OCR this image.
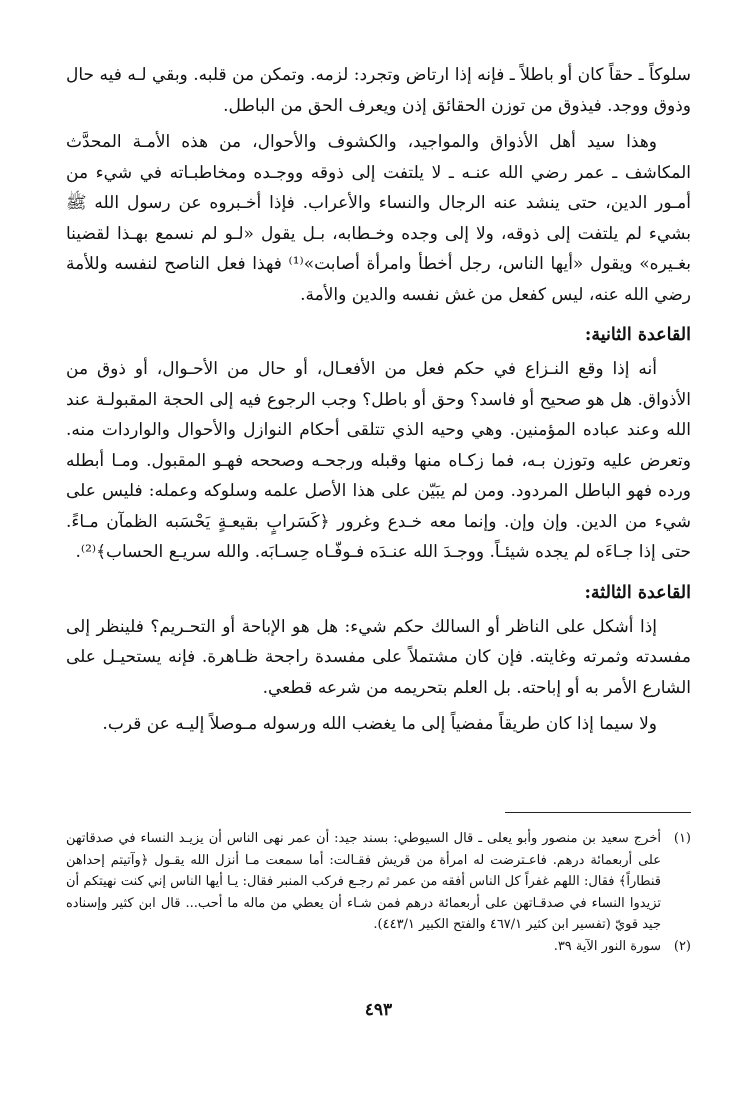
سلوكاً ـ حقاً كان أو باطلاً ـ فإنه إذا ارتاض وتجرد: لزمه. وتمكن من قلبه. وبقي لـه فيه حال وذوق ووجد. فيذوق من توزن الحقائق إذن ويعرف الحق من الباطل.

وهذا سيد أهل الأذواق والمواجيد، والكشوف والأحوال، من هذه الأمـة المحدَّث المكاشف ـ عمر رضي الله عنـه ـ لا يلتفت إلى ذوقه ووجـده ومخاطبـاته في شيء من أمـور الدين، حتى ينشد عنه الرجال والنساء والأعراب. فإذا أخـبروه عن رسول الله ﷺ بشيء لم يلتفت إلى ذوقه، ولا إلى وجده وخـطابه، بـل يقول «لـو لم نسمع بهـذا لقضينا بغـيره» ويقول «أيها الناس، رجل أخطأ وامرأة أصابت»⁽¹⁾ فهذا فعل الناصح لنفسه وللأمة رضي الله عنه، ليس كفعل من غش نفسه والدين والأمة.

القاعدة الثانية:

أنه إذا وقع النـزاع في حكم فعل من الأفعـال، أو حال من الأحـوال، أو ذوق من الأذواق. هل هو صحيح أو فاسد؟ وحق أو باطل؟ وجب الرجوع فيه إلى الحجة المقبولـة عند الله وعند عباده المؤمنين. وهي وحيه الذي تتلقى أحكام النوازل والأحوال والواردات منه. وتعرض عليه وتوزن بـه، فما زكـاه منها وقبله ورجحـه وصححه فهـو المقبول. ومـا أبطله ورده فهو الباطل المردود. ومن لم يبَيّن على هذا الأصل علمه وسلوكه وعمله: فليس على شيء من الدين. وإن وإن. وإنما معه خـدع وغرور ﴿كَسَرابٍ بقيعـةٍ يَحْسَبه الظمآن مـاءً. حتى إذا جـاءَه لم يجده شيئـاً. ووجـدَ الله عنـدَه فـوفّـاه حِسـابَه. والله سريـع الحساب﴾⁽²⁾.

القاعدة الثالثة:

إذا أشكل على الناظر أو السالك حكم شيء: هل هو الإباحة أو التحـريم؟ فلينظر إلى مفسدته وثمرته وغايته. فإن كان مشتملاً على مفسدة راجحة ظـاهرة. فإنه يستحيـل على الشارع الأمر به أو إباحته. بل العلم بتحريمه من شرعه قطعي.

ولا سيما إذا كان طريقاً مفضياً إلى ما يغضب الله ورسوله مـوصلاً إليـه عن قرب.

(١)
أخرج سعيد بن منصور وأبو يعلى ـ قال السيوطي: بسند جيد: أن عمر نهى الناس أن يزيـد النساء في صدقاتهن على أربعمائة درهم. فاعـترضت له امرأة من قريش فقـالت: أما سمعت مـا أنزل الله يقـول ﴿وآتيتم إحداهن قنطاراً﴾ فقال: اللهم غفراً كل الناس أفقه من عمر ثم رجـع فركب المنبر فقال: يـا أيها الناس إني كنت نهيتكم أن تزيدوا النساء في صدقـاتهن على أربعمائة درهم فمن شـاء أن يعطي من ماله ما أحب... قال ابن كثير وإسناده جيد قويّ (تفسير ابن كثير ٤٦٧/١ والفتح الكبير ٤٤٣/١).
(٢)
سورة النور الآية ٣٩.
٤٩٣
